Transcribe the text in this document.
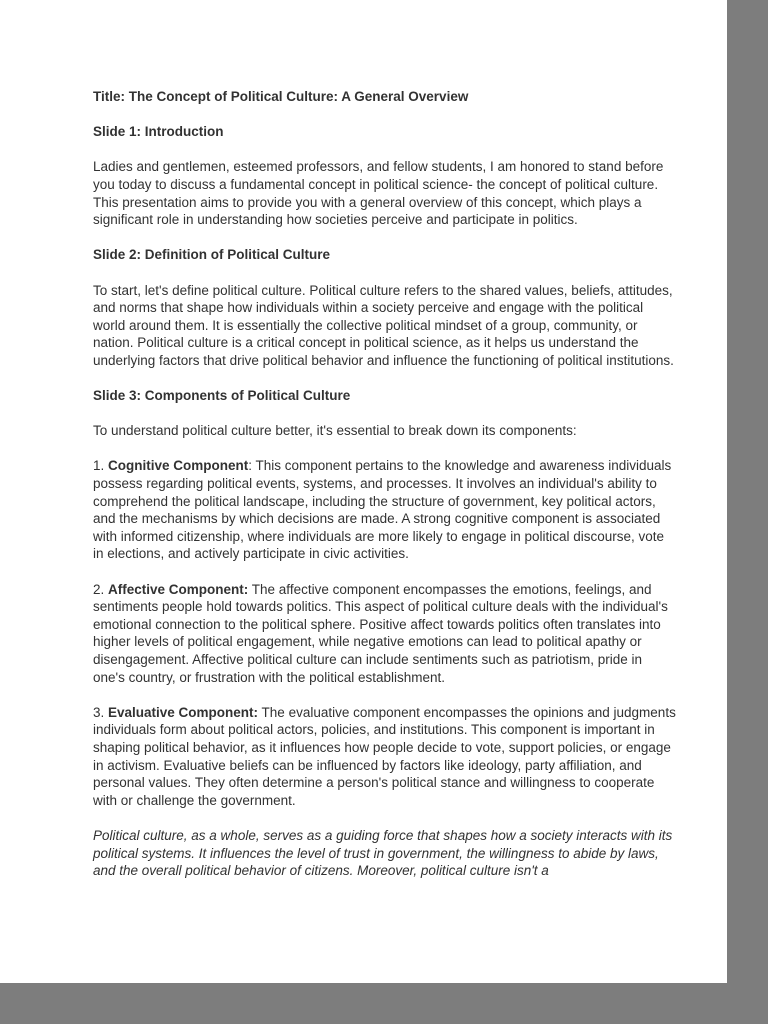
Title: The Concept of Political Culture: A General Overview

Slide 1: Introduction

Ladies and gentlemen, esteemed professors, and fellow students, I am honored to stand before you today to discuss a fundamental concept in political science- the concept of political culture. This presentation aims to provide you with a general overview of this concept, which plays a significant role in understanding how societies perceive and participate in politics.

Slide 2: Definition of Political Culture

To start, let's define political culture. Political culture refers to the shared values, beliefs, attitudes, and norms that shape how individuals within a society perceive and engage with the political world around them. It is essentially the collective political mindset of a group, community, or nation. Political culture is a critical concept in political science, as it helps us understand the underlying factors that drive political behavior and influence the functioning of political institutions.

Slide 3: Components of Political Culture

To understand political culture better, it's essential to break down its components:

1. Cognitive Component: This component pertains to the knowledge and awareness individuals possess regarding political events, systems, and processes. It involves an individual's ability to comprehend the political landscape, including the structure of government, key political actors, and the mechanisms by which decisions are made. A strong cognitive component is associated with informed citizenship, where individuals are more likely to engage in political discourse, vote in elections, and actively participate in civic activities.

2. Affective Component: The affective component encompasses the emotions, feelings, and sentiments people hold towards politics. This aspect of political culture deals with the individual's emotional connection to the political sphere. Positive affect towards politics often translates into higher levels of political engagement, while negative emotions can lead to political apathy or disengagement. Affective political culture can include sentiments such as patriotism, pride in one's country, or frustration with the political establishment.

3. Evaluative Component: The evaluative component encompasses the opinions and judgments individuals form about political actors, policies, and institutions. This component is important in shaping political behavior, as it influences how people decide to vote, support policies, or engage in activism. Evaluative beliefs can be influenced by factors like ideology, party affiliation, and personal values. They often determine a person's political stance and willingness to cooperate with or challenge the government.

Political culture, as a whole, serves as a guiding force that shapes how a society interacts with its political systems. It influences the level of trust in government, the willingness to abide by laws, and the overall political behavior of citizens. Moreover, political culture isn't a
